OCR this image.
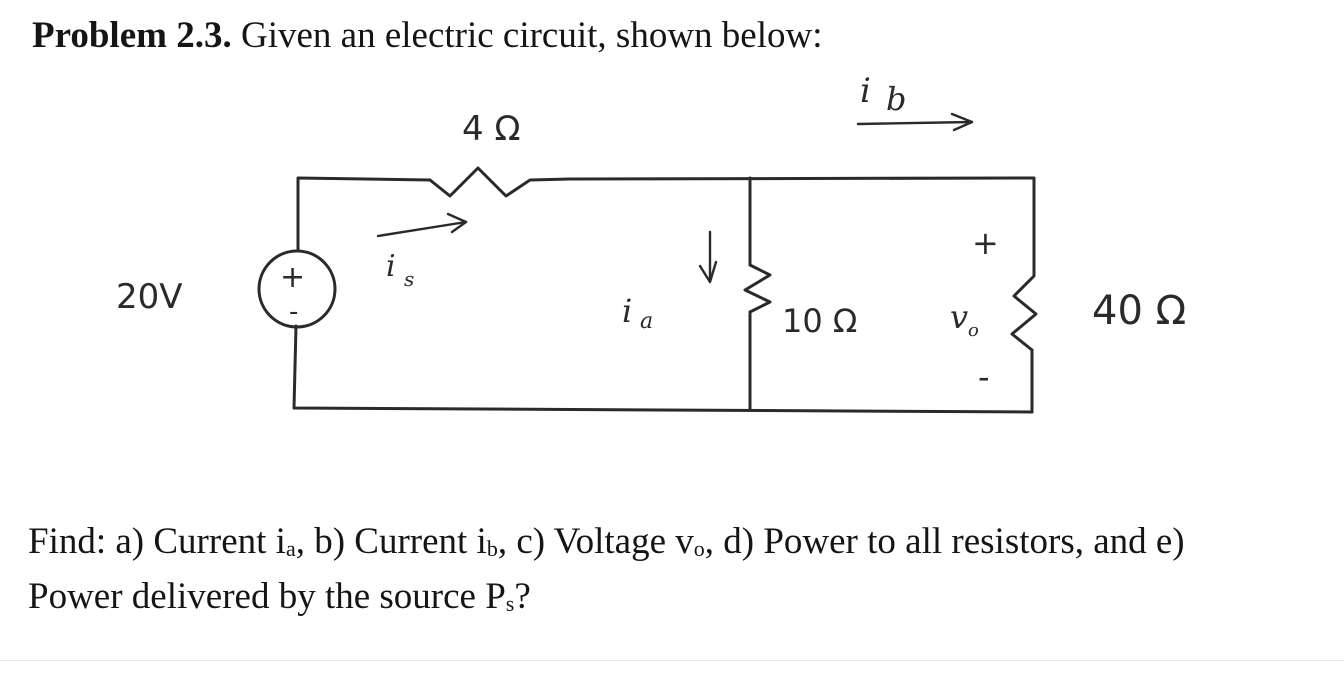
Problem 2.3. Given an electric circuit, shown below:
4 Ω
+
-
20V
i s
i a	10 Ω
+
v o
-
40 Ω
i b

Find: a) Current $i_a$, b) Current $i_b$, c) Voltage $v_o$, d) Power to all resistors, and e)
Power delivered by the source $P_s$?
